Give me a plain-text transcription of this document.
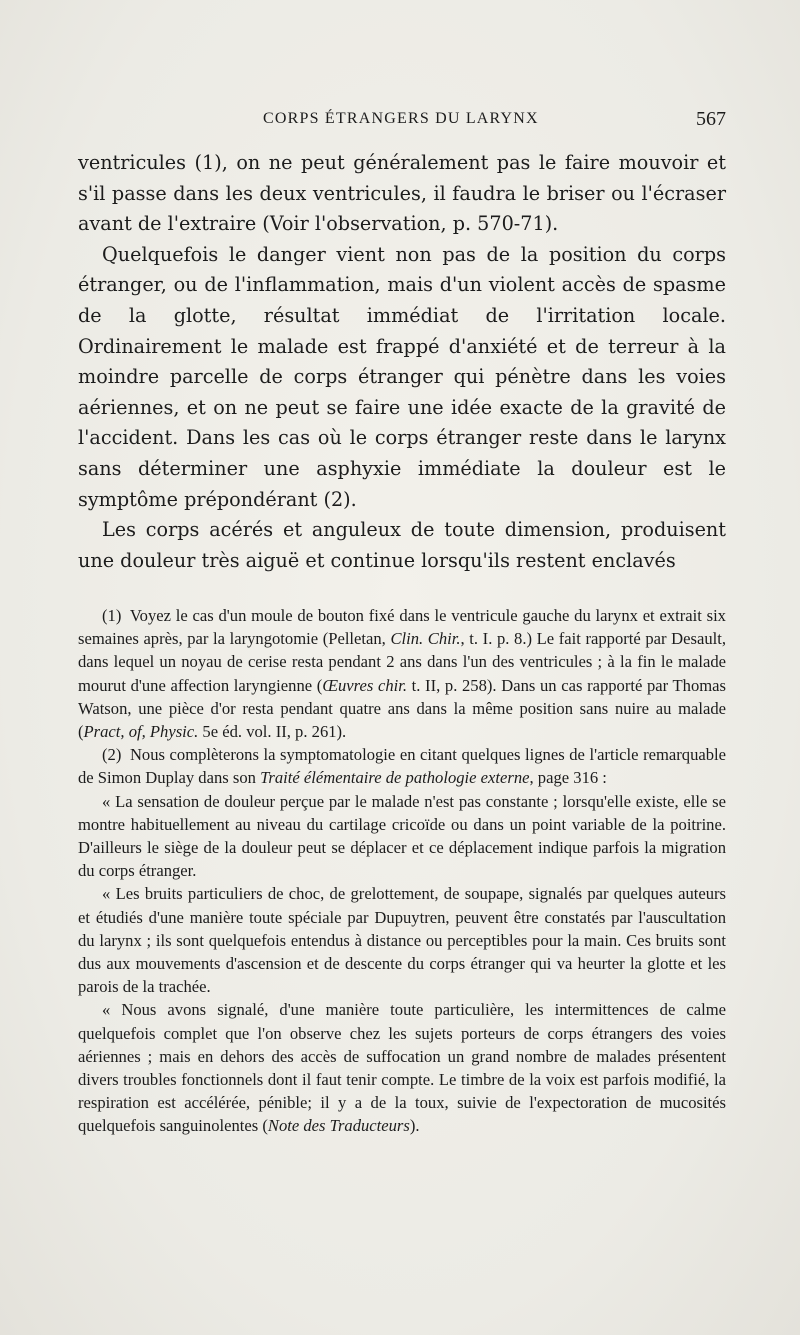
CORPS ÉTRANGERS DU LARYNX	567

ventricules (1), on ne peut généralement pas le faire mouvoir et s'il passe dans les deux ventricules, il faudra le briser ou l'écraser avant de l'extraire (Voir l'observation, p. 570-71).

Quelquefois le danger vient non pas de la position du corps étranger, ou de l'inflammation, mais d'un violent accès de spasme de la glotte, résultat immédiat de l'irritation locale. Ordinairement le malade est frappé d'anxiété et de terreur à la moindre parcelle de corps étranger qui pénètre dans les voies aériennes, et on ne peut se faire une idée exacte de la gravité de l'accident. Dans les cas où le corps étranger reste dans le larynx sans déterminer une asphyxie immédiate la douleur est le symptôme prépondérant (2).

Les corps acérés et anguleux de toute dimension, produisent une douleur très aiguë et continue lorsqu'ils restent enclavés

(1) Voyez le cas d'un moule de bouton fixé dans le ventricule gauche du larynx et extrait six semaines après, par la laryngotomie (Pelletan, Clin. Chir., t. I. p. 8.) Le fait rapporté par Desault, dans lequel un noyau de cerise resta pendant 2 ans dans l'un des ventricules ; à la fin le malade mourut d'une affection laryngienne (Œuvres chir. t. II, p. 258). Dans un cas rapporté par Thomas Watson, une pièce d'or resta pendant quatre ans dans la même position sans nuire au malade (Pract, of, Physic. 5e éd. vol. II, p. 261).

(2) Nous complèterons la symptomatologie en citant quelques lignes de l'article remarquable de Simon Duplay dans son Traité élémentaire de pathologie externe, page 316 :

« La sensation de douleur perçue par le malade n'est pas constante ; lorsqu'elle existe, elle se montre habituellement au niveau du cartilage cricoïde ou dans un point variable de la poitrine. D'ailleurs le siège de la douleur peut se déplacer et ce déplacement indique parfois la migration du corps étranger.

« Les bruits particuliers de choc, de grelottement, de soupape, signalés par quelques auteurs et étudiés d'une manière toute spéciale par Dupuytren, peuvent être constatés par l'auscultation du larynx ; ils sont quelquefois entendus à distance ou perceptibles pour la main. Ces bruits sont dus aux mouvements d'ascension et de descente du corps étranger qui va heurter la glotte et les parois de la trachée.

« Nous avons signalé, d'une manière toute particulière, les intermittences de calme quelquefois complet que l'on observe chez les sujets porteurs de corps étrangers des voies aériennes ; mais en dehors des accès de suffocation un grand nombre de malades présentent divers troubles fonctionnels dont il faut tenir compte. Le timbre de la voix est parfois modifié, la respiration est accélérée, pénible; il y a de la toux, suivie de l'expectoration de mucosités quelquefois sanguinolentes (Note des Traducteurs).
